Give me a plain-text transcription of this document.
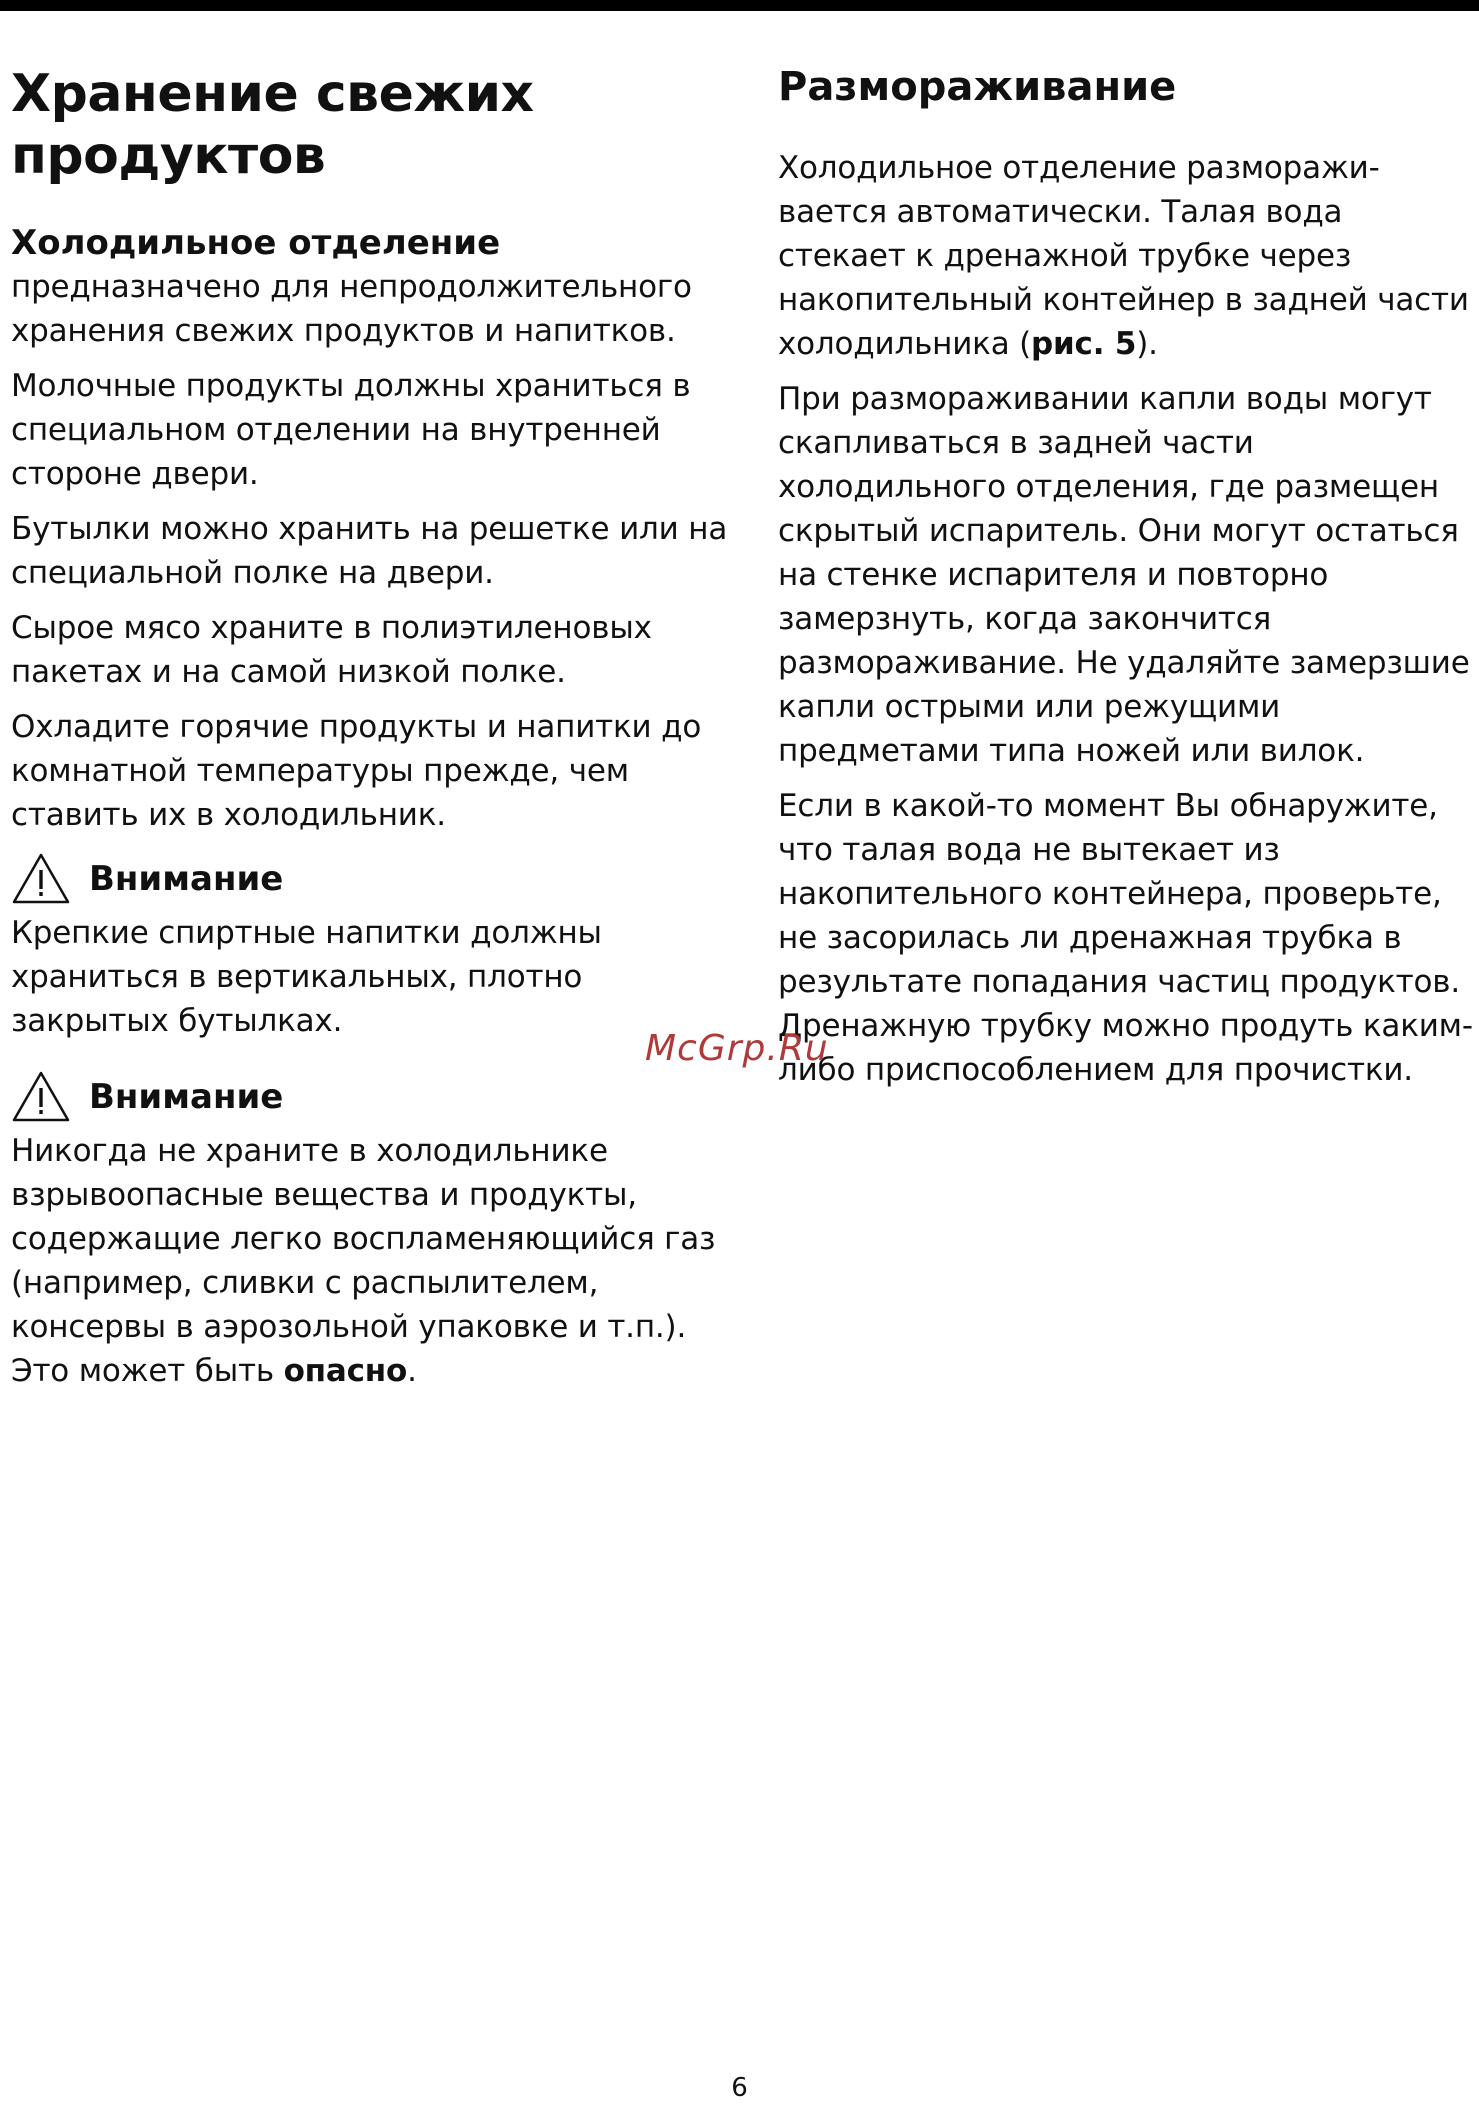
Хранение свежих
продуктов
Холодильное отделение

предназначено для непродолжительного хранения свежих продуктов и напитков.

Молочные продукты должны храниться в специальном отделении на внутренней стороне двери.

Бутылки можно хранить на решетке или на специальной полке на двери.

Сырое мясо храните в полиэтиленовых пакетах и на самой низкой полке.

Охладите горячие продукты и напитки до комнатной температуры прежде, чем ставить их в холодильник.

Внимание

Крепкие спиртные напитки должны храниться в вертикальных, плотно закрытых бутылках.

Внимание

Никогда не храните в холодильнике взрывоопасные вещества и продукты, содержащие легко воспламеняющийся газ (например, сливки с распылителем, консервы в аэрозольной упаковке и т.п.). Это может быть опасно.

Размораживание

Холодильное отделение разморажи-вается автоматически. Талая вода стекает к дренажной трубке через накопительный контейнер в задней части холодильника (рис. 5).

При размораживании капли воды могут скапливаться в задней части холодильного отделения, где размещен скрытый испаритель. Они могут остаться на стенке испарителя и повторно замерзнуть, когда закончится размораживание. Не удаляйте замерзшие капли острыми или режущими предметами типа ножей или вилок.

Если в какой-то момент Вы обнаружите, что талая вода не вытекает из накопительного контейнера, проверьте, не засорилась ли дренажная трубка в результате попадания частиц продуктов. Дренажную трубку можно продуть каким-либо приспособлением для прочистки.

McGrp.Ru
6
